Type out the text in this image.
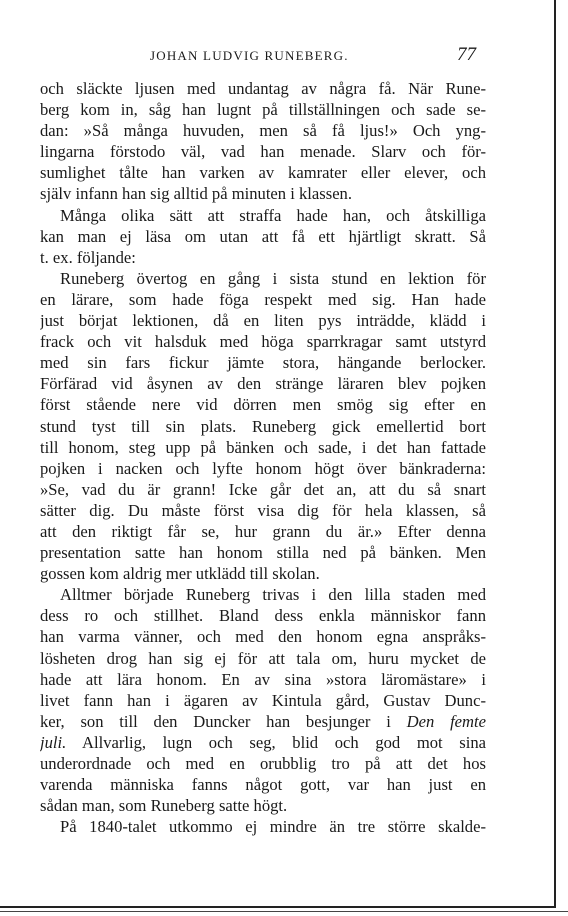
JOHAN LUDVIG RUNEBERG.	77
och släckte ljusen med undantag av några få. När Rune-
berg kom in, såg han lugnt på tillställningen och sade se-
dan: »Så många huvuden, men så få ljus!» Och yng-
lingarna förstodo väl, vad han menade. Slarv och för-
sumlighet tålte han varken av kamrater eller elever, och
själv infann han sig alltid på minuten i klassen.
Många olika sätt att straffa hade han, och åtskilliga
kan man ej läsa om utan att få ett hjärtligt skratt. Så
t. ex. följande:
Runeberg övertog en gång i sista stund en lektion för
en lärare, som hade föga respekt med sig. Han hade
just börjat lektionen, då en liten pys inträdde, klädd i
frack och vit halsduk med höga sparrkragar samt utstyrd
med sin fars fickur jämte stora, hängande berlocker.
Förfärad vid åsynen av den stränge läraren blev pojken
först stående nere vid dörren men smög sig efter en
stund tyst till sin plats. Runeberg gick emellertid bort
till honom, steg upp på bänken och sade, i det han fattade
pojken i nacken och lyfte honom högt över bänkraderna:
»Se, vad du är grann! Icke går det an, att du så snart
sätter dig. Du måste först visa dig för hela klassen, så
att den riktigt får se, hur grann du är.» Efter denna
presentation satte han honom stilla ned på bänken. Men
gossen kom aldrig mer utklädd till skolan.
Alltmer började Runeberg trivas i den lilla staden med
dess ro och stillhet. Bland dess enkla människor fann
han varma vänner, och med den honom egna anspråks-
lösheten drog han sig ej för att tala om, huru mycket de
hade att lära honom. En av sina »stora läromästare» i
livet fann han i ägaren av Kintula gård, Gustav Dunc-
ker, son till den Duncker han besjunger i Den femte
juli. Allvarlig, lugn och seg, blid och god mot sina
underordnade och med en orubblig tro på att det hos
varenda människa fanns något gott, var han just en
sådan man, som Runeberg satte högt.
På 1840-talet utkommo ej mindre än tre större skalde-
